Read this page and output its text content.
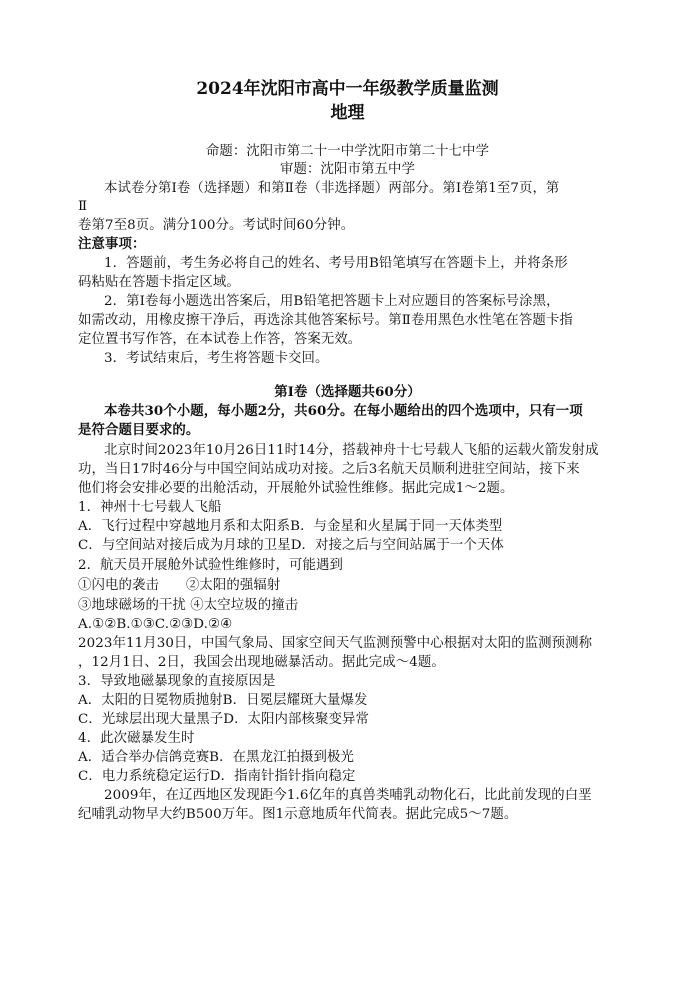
2024年沈阳市高中一年级教学质量监测
地理
命题：沈阳市第二十一中学沈阳市第二十七中学
审题：沈阳市第五中学
本试卷分第Ⅰ卷（选择题）和第Ⅱ卷（非选择题）两部分。第Ⅰ卷第1至7页，第
Ⅱ
卷第7至8页。满分100分。考试时间60分钟。
注意事项：
1．答题前，考生务必将自己的姓名、考号用B铅笔填写在答题卡上，并将条形
码粘贴在答题卡指定区域。
2．第Ⅰ卷每小题选出答案后，用B铅笔把答题卡上对应题目的答案标号涂黑，
如需改动，用橡皮擦干净后，再选涂其他答案标号。第Ⅱ卷用黑色水性笔在答题卡指
定位置书写作答，在本试卷上作答，答案无效。
3．考试结束后，考生将答题卡交回。
第Ⅰ卷（选择题共60分）
本卷共30个小题，每小题2分，共60分。在每小题给出的四个选项中，只有一项
是符合题目要求的。
北京时间2023年10月26日11时14分，搭载神舟十七号载人飞船的运载火箭发射成
功，当日17时46分与中国空间站成功对接。之后3名航天员顺利进驻空间站，接下来
他们将会安排必要的出舱活动，开展舱外试验性维修。据此完成1～2题。
1．神州十七号载人飞船
A．飞行过程中穿越地月系和太阳系B．与金星和火星属于同一天体类型
C．与空间站对接后成为月球的卫星D．对接之后与空间站属于一个天体
2．航天员开展舱外试验性维修时，可能遇到
①闪电的袭击　　②太阳的强辐射
③地球磁场的干扰 ④太空垃圾的撞击
A.①②B.①③C.②③D.②④
2023年11月30日，中国气象局、国家空间天气监测预警中心根据对太阳的监测预测称
，12月1日、2日，我国会出现地磁暴活动。据此完成～4题。
3．导致地磁暴现象的直接原因是
A．太阳的日冕物质抛射B．日冕层耀斑大量爆发
C．光球层出现大量黑子D．太阳内部核聚变异常
4．此次磁暴发生时
A．适合举办信鸽竞赛B．在黑龙江拍摄到极光
C．电力系统稳定运行D．指南针指针指向稳定
2009年，在辽西地区发现距今1.6亿年的真兽类哺乳动物化石，比此前发现的白垩
纪哺乳动物早大约B500万年。图1示意地质年代简表。据此完成5～7题。
